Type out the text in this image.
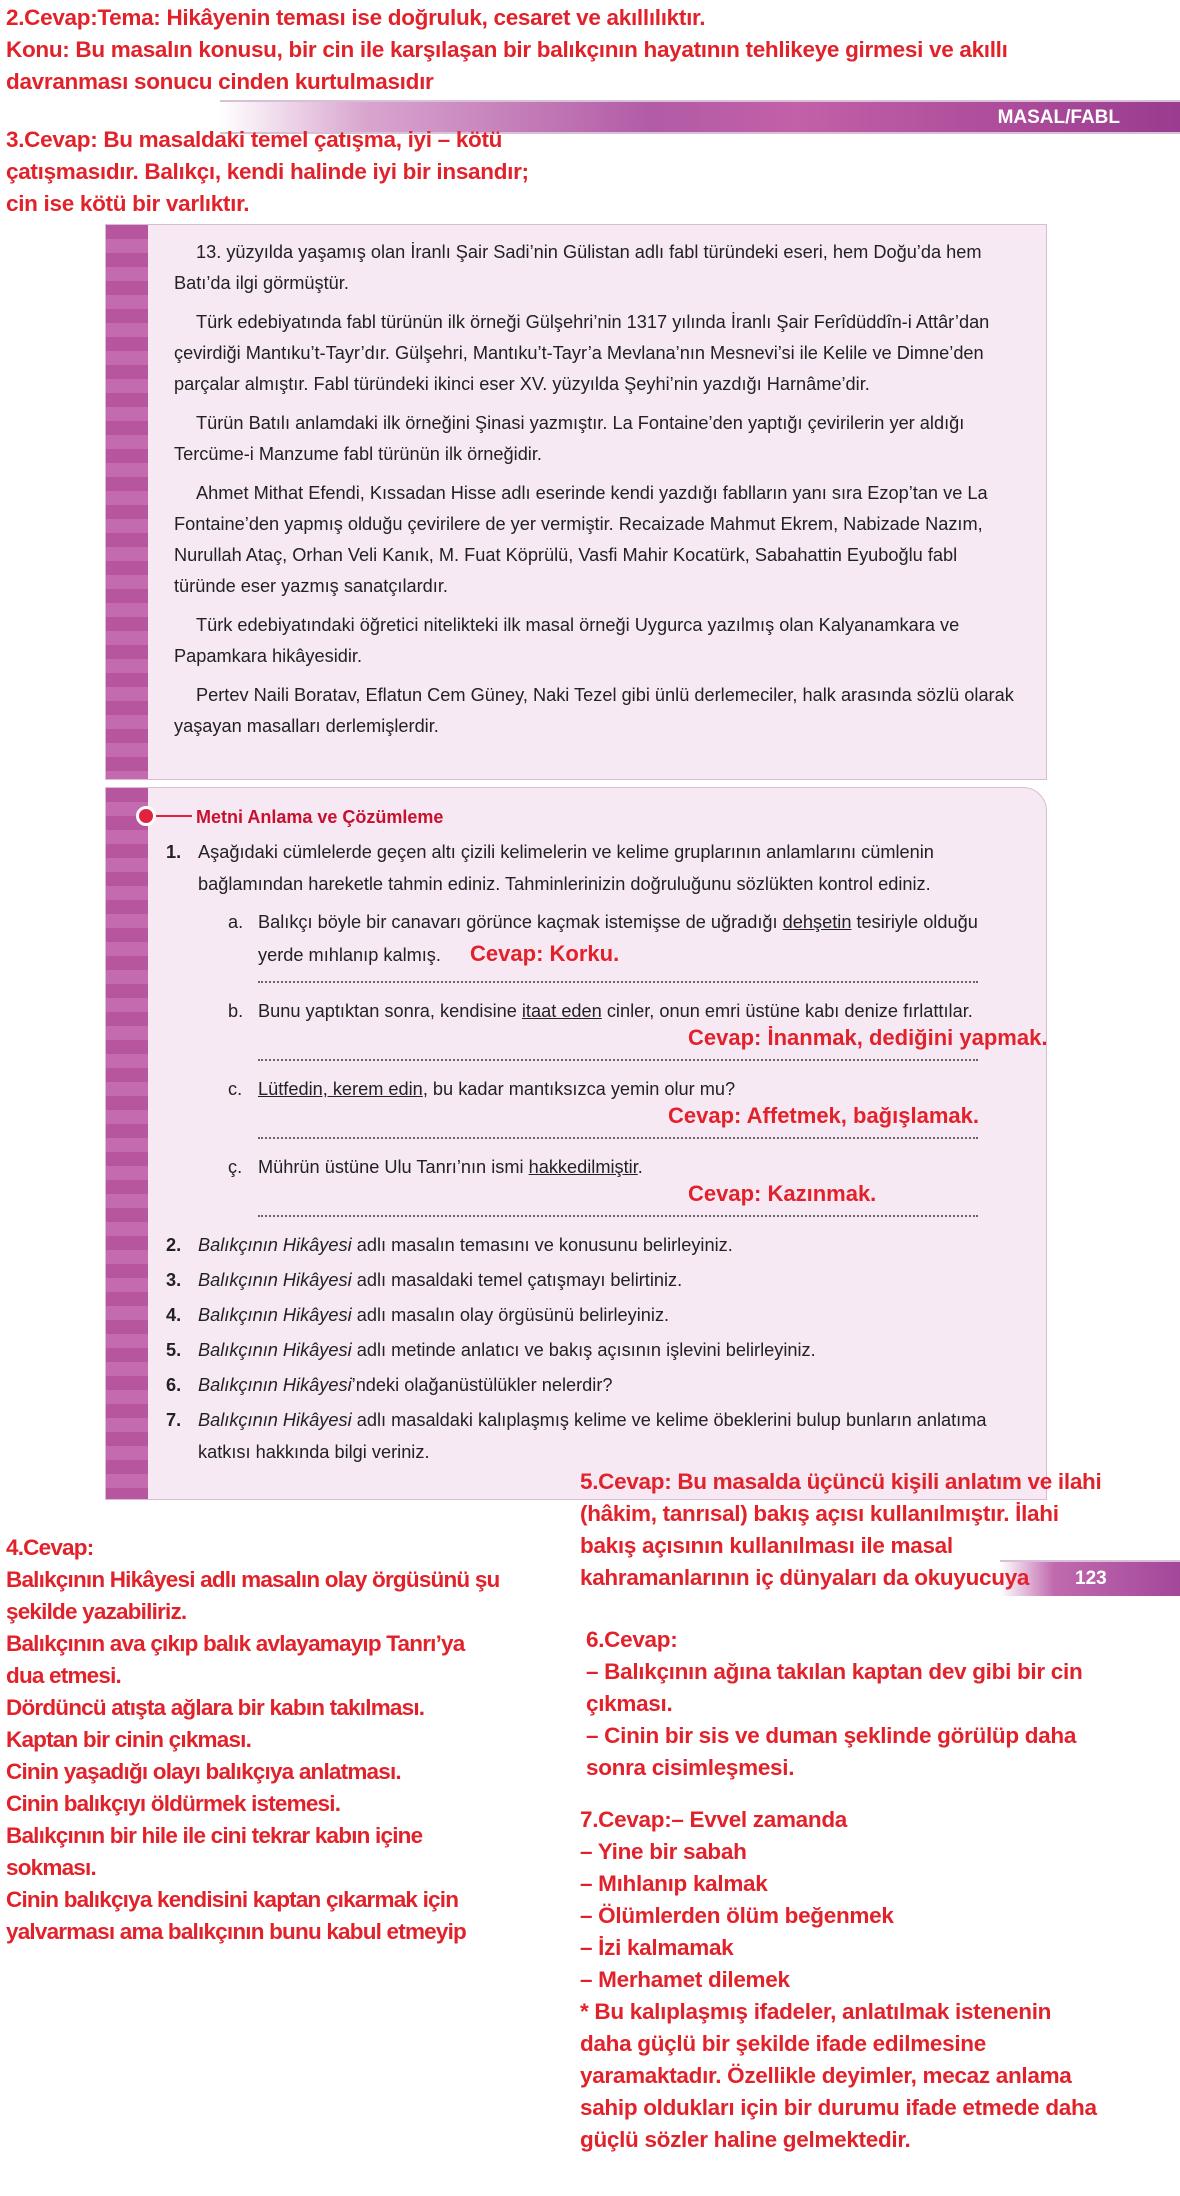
MASAL/FABL

13. yüzyılda yaşamış olan İranlı Şair Sadi’nin Gülistan adlı fabl türündeki eseri, hem Doğu’da hem Batı’da ilgi görmüştür.

Türk edebiyatında fabl türünün ilk örneği Gülşehri’nin 1317 yılında İranlı Şair Ferîdüddîn-i Attâr’dan çevirdiği Mantıku’t-Tayr’dır. Gülşehri, Mantıku’t-Tayr’a Mevlana’nın Mesnevi’si ile Kelile ve Dimne’den parçalar almıştır. Fabl türündeki ikinci eser XV. yüzyılda Şeyhi’nin yazdığı Harnâme’dir.

Türün Batılı anlamdaki ilk örneğini Şinasi yazmıştır. La Fontaine’den yaptığı çevirilerin yer aldığı Tercüme-i Manzume fabl türünün ilk örneğidir.

Ahmet Mithat Efendi, Kıssadan Hisse adlı eserinde kendi yazdığı fablların yanı sıra Ezop’tan ve La Fontaine’den yapmış olduğu çevirilere de yer vermiştir. Recaizade Mahmut Ekrem, Nabizade Nazım, Nurullah Ataç, Orhan Veli Kanık, M. Fuat Köprülü, Vasfi Mahir Kocatürk, Sabahattin Eyuboğlu fabl türünde eser yazmış sanatçılardır.

Türk edebiyatındaki öğretici nitelikteki ilk masal örneği Uygurca yazılmış olan Kalyanamkara ve Papamkara hikâyesidir.

Pertev Naili Boratav, Eflatun Cem Güney, Naki Tezel gibi ünlü derlemeciler, halk arasında sözlü olarak yaşayan masalları derlemişlerdir.

Metni Anlama ve Çözümleme
1. Aşağıdaki cümlelerde geçen altı çizili kelimelerin ve kelime gruplarının anlamlarını cümlenin bağlamından hareketle tahmin ediniz. Tahminlerinizin doğruluğunu sözlükten kontrol ediniz.
a. Balıkçı böyle bir canavarı görünce kaçmak istemişse de uğradığı dehşetin tesiriyle olduğu yerde mıhlanıp kalmış. Cevap: Korku.
b. Bunu yaptıktan sonra, kendisine itaat eden cinler, onun emri üstüne kabı denize fırlattılar.
Cevap: İnanmak, dediğini yapmak.
c. Lütfedin, kerem edin, bu kadar mantıksızca yemin olur mu?
Cevap: Affetmek, bağışlamak.
ç. Mührün üstüne Ulu Tanrı’nın ismi hakkedilmiştir.
Cevap: Kazınmak.
2. Balıkçının Hikâyesi adlı masalın temasını ve konusunu belirleyiniz.
3. Balıkçının Hikâyesi adlı masaldaki temel çatışmayı belirtiniz.
4. Balıkçının Hikâyesi adlı masalın olay örgüsünü belirleyiniz.
5. Balıkçının Hikâyesi adlı metinde anlatıcı ve bakış açısının işlevini belirleyiniz.
6. Balıkçının Hikâyesi’ndeki olağanüstülükler nelerdir?
7. Balıkçının Hikâyesi adlı masaldaki kalıplaşmış kelime ve kelime öbeklerini bulup bunların anlatıma katkısı hakkında bilgi veriniz.
123
2.Cevap:Tema: Hikâyenin teması ise doğruluk, cesaret ve akıllılıktır.
Konu: Bu masalın konusu, bir cin ile karşılaşan bir balıkçının hayatının tehlikeye girmesi ve akıllı
davranması sonucu cinden kurtulmasıdır
3.Cevap: Bu masaldaki temel çatışma, iyi – kötü
çatışmasıdır. Balıkçı, kendi halinde iyi bir insandır;
cin ise kötü bir varlıktır.
5.Cevap: Bu masalda üçüncü kişili anlatım ve ilahi
(hâkim, tanrısal) bakış açısı kullanılmıştır. İlahi
bakış açısının kullanılması ile masal
kahramanlarının iç dünyaları da okuyucuya
4.Cevap:
Balıkçının Hikâyesi adlı masalın olay örgüsünü şu
şekilde yazabiliriz.
Balıkçının ava çıkıp balık avlayamayıp Tanrı’ya
dua etmesi.
Dördüncü atışta ağlara bir kabın takılması.
Kaptan bir cinin çıkması.
Cinin yaşadığı olayı balıkçıya anlatması.
Cinin balıkçıyı öldürmek istemesi.
Balıkçının bir hile ile cini tekrar kabın içine
sokması.
Cinin balıkçıya kendisini kaptan çıkarmak için
yalvarması ama balıkçının bunu kabul etmeyip
6.Cevap:
– Balıkçının ağına takılan kaptan dev gibi bir cin
çıkması.
– Cinin bir sis ve duman şeklinde görülüp daha
sonra cisimleşmesi.
7.Cevap:– Evvel zamanda
– Yine bir sabah
– Mıhlanıp kalmak
– Ölümlerden ölüm beğenmek
– İzi kalmamak
– Merhamet dilemek
* Bu kalıplaşmış ifadeler, anlatılmak istenenin
daha güçlü bir şekilde ifade edilmesine
yaramaktadır. Özellikle deyimler, mecaz anlama
sahip oldukları için bir durumu ifade etmede daha
güçlü sözler haline gelmektedir.
